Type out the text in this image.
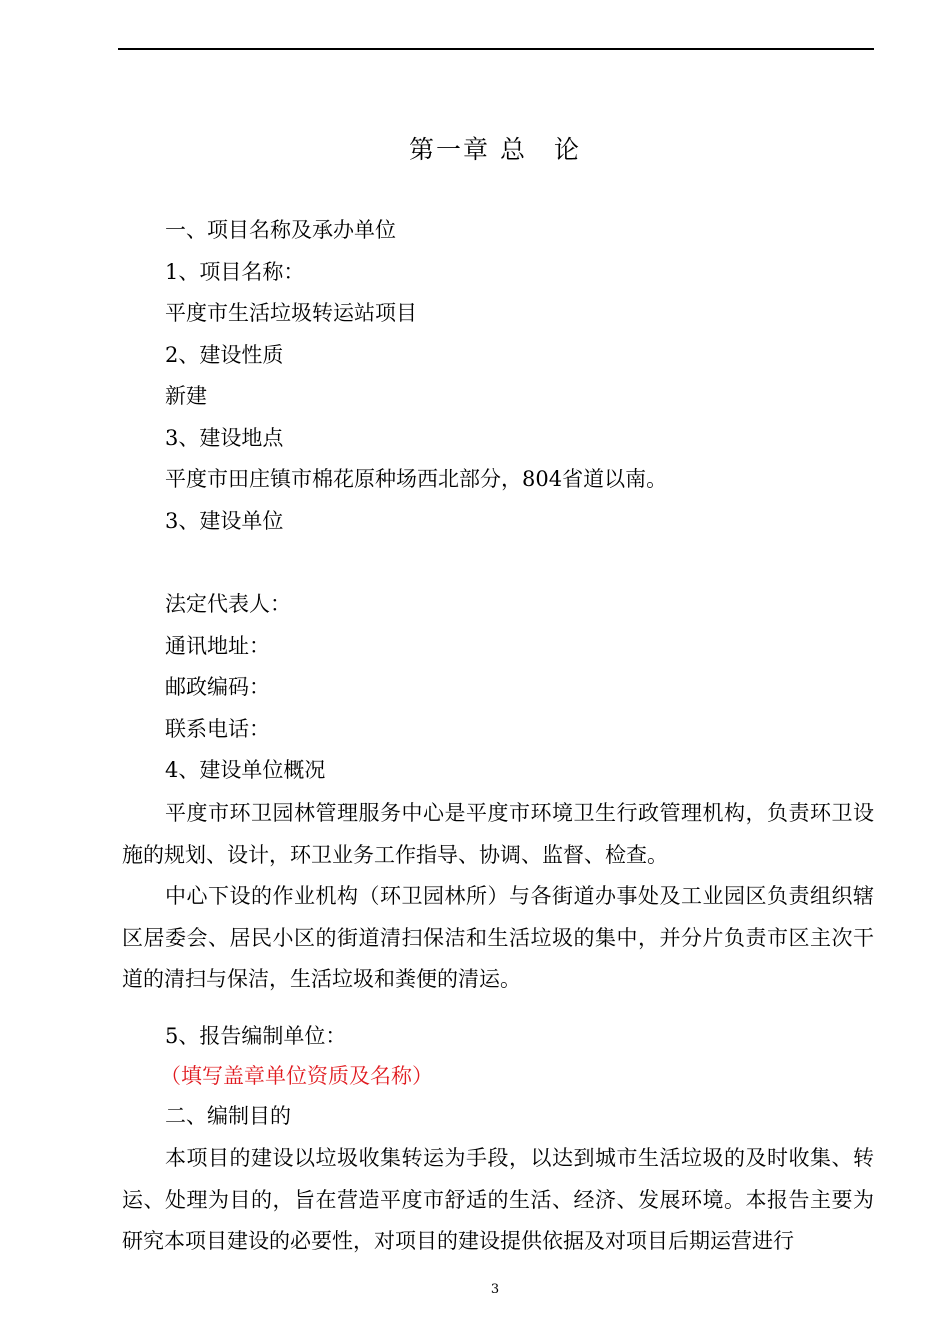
第一章 总　论
一、项目名称及承办单位
1、项目名称：
平度市生活垃圾转运站项目
2、建设性质
新建
3、建设地点
平度市田庄镇市棉花原种场西北部分，804省道以南。
3、建设单位
法定代表人：
通讯地址：
邮政编码：
联系电话：
4、建设单位概况
平度市环卫园林管理服务中心是平度市环境卫生行政管理机构，负责环卫设施的规划、设计，环卫业务工作指导、协调、监督、检查。
中心下设的作业机构（环卫园林所）与各街道办事处及工业园区负责组织辖区居委会、居民小区的街道清扫保洁和生活垃圾的集中，并分片负责市区主次干道的清扫与保洁，生活垃圾和粪便的清运。
5、报告编制单位：
（填写盖章单位资质及名称）
二、编制目的
本项目的建设以垃圾收集转运为手段，以达到城市生活垃圾的及时收集、转运、处理为目的，旨在营造平度市舒适的生活、经济、发展环境。本报告主要为研究本项目建设的必要性，对项目的建设提供依据及对项目后期运营进行
3
